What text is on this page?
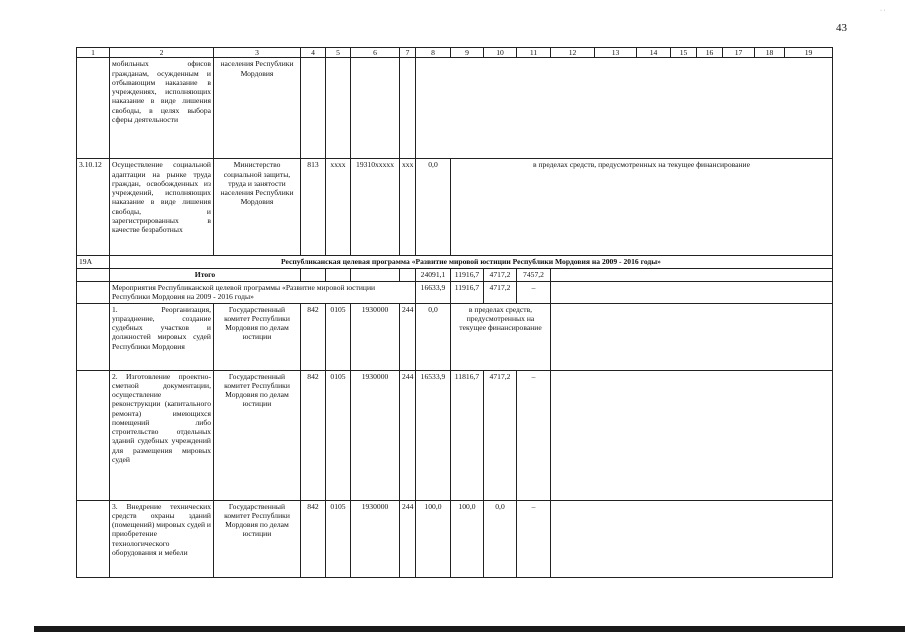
43
· ·
1	2	3	4	5	6	7	8	9	10	11	12	13	14	15	16	17	18	19
	мобильных офисов гражданам, осужденным и отбывающим наказание в учреждениях, исполняющих наказание в виде лишения свободы, в целях выбора сферы деятельности	населения Республики Мордовия																
3.10.12	Осуществление социальной адаптации на рынке труда граждан, освобожденных из учреждений, исполняющих наказание в виде лишения свободы, и зарегистрированных в качестве безработных	Министерство социальной защиты, труда и занятости населения Республики Мордовия	813	хххх	19310ххххх	ххх	0,0	в пределах средств, предусмотренных на текущее финансирование										
19А	Республиканская целевая программа «Развитие мировой юстиции Республики Мордовия на 2009 - 2016 годы»																	
	Итого						24091,1	11916,7	4717,2	7457,2								
	Мероприятия Республиканской целевой программы «Развитие мировой юстиции Республики Мордовия на 2009 - 2016 годы»						16633,9	11916,7	4717,2	–								
	1. Реорганизация, упразднение, создание судебных участков и должностей мировых судей Республики Мордовия	Государственный комитет Республики Мордовия по делам юстиции	842	0105	1930000	244	0,0	в пределах средств, предусмотренных на текущее финансирование										
	2. Изготовление проектно-сметной документации, осуществление реконструкции (капитального ремонта) имеющихся помещений либо строительство отдельных зданий судебных учреждений для размещения мировых судей	Государственный комитет Республики Мордовия по делам юстиции	842	0105	1930000	244	16533,9	11816,7	4717,2	–								
	3. Внедрение технических средств охраны зданий (помещений) мировых судей и приобретение технологического оборудования и мебели	Государственный комитет Республики Мордовия по делам юстиции	842	0105	1930000	244	100,0	100,0	0,0	–								
